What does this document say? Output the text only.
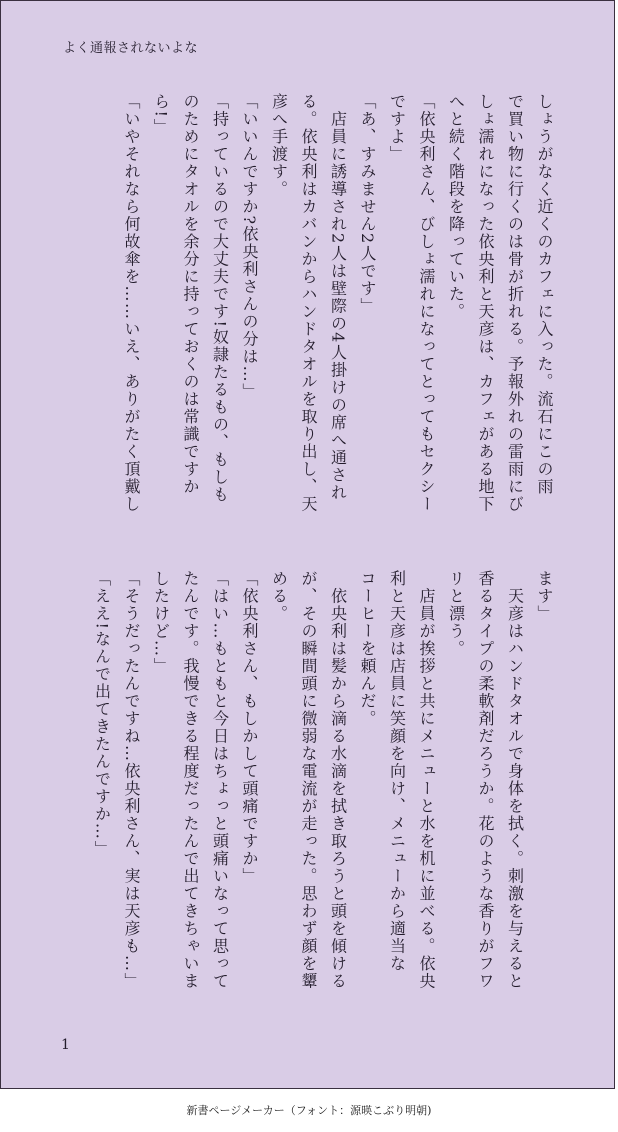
よく通報されないよな
しょうがなく近くのカフェに入った。流石にこの雨
で買い物に行くのは骨が折れる。予報外れの雷雨にび
しょ濡れになった依央利と天彦は、カフェがある地下
へと続く階段を降っていた。
「依央利さん、びしょ濡れになってとってもセクシー
ですよ」
「あ、すみません2人です」
　店員に誘導され2人は壁際の4人掛けの席へ通され
る。依央利はカバンからハンドタオルを取り出し、天
彦へ手渡す。
「いいんですか?依央利さんの分は…」
「持っているので大丈夫です!奴隷たるもの、もしも
のためにタオルを余分に持っておくのは常識ですか
ら!」
「いやそれなら何故傘を……いえ、ありがたく頂戴し
ます」
　天彦はハンドタオルで身体を拭く。刺激を与えると
香るタイプの柔軟剤だろうか。花のような香りがフワ
リと漂う。
　店員が挨拶と共にメニューと水を机に並べる。依央
利と天彦は店員に笑顔を向け、メニューから適当な
コーヒーを頼んだ。
　依央利は髪から滴る水滴を拭き取ろうと頭を傾ける
が、その瞬間頭に微弱な電流が走った。思わず顔を顰
める。
「依央利さん、もしかして頭痛ですか」
「はい…もともと今日はちょっと頭痛いなって思って
たんです。我慢できる程度だったんで出てきちゃいま
したけど…」
「そうだったんですね…依央利さん、実は天彦も…」
「ええ!なんで出てきたんですか…」
1
新書ページメーカー（フォント：源暎こぶり明朝)
